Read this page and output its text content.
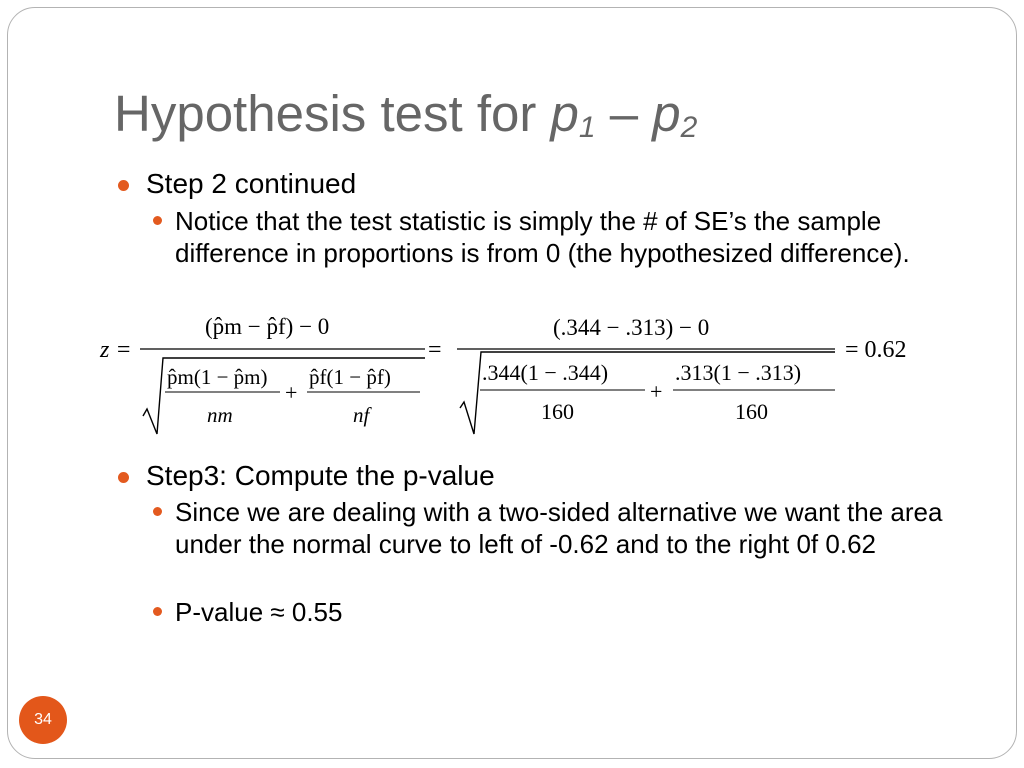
Hypothesis test for $p_1 - p_2$
Step 2 continued
Notice that the test statistic is simply the # of SE’s the sample difference in proportions is from 0 (the hypothesized difference).
z =
(p̂m − p̂f) − 0
p̂m(1 − p̂m)
nm
+
p̂f(1 − p̂f)
nf
=
(.344 − .313) − 0
.344(1 − .344)
160
+
.313(1 − .313)
160
= 0.62
Step3: Compute the p-value
Since we are dealing with a two-sided alternative we want the area under the normal curve to left of -0.62 and to the right 0f 0.62
P-value ≈ 0.55
34
